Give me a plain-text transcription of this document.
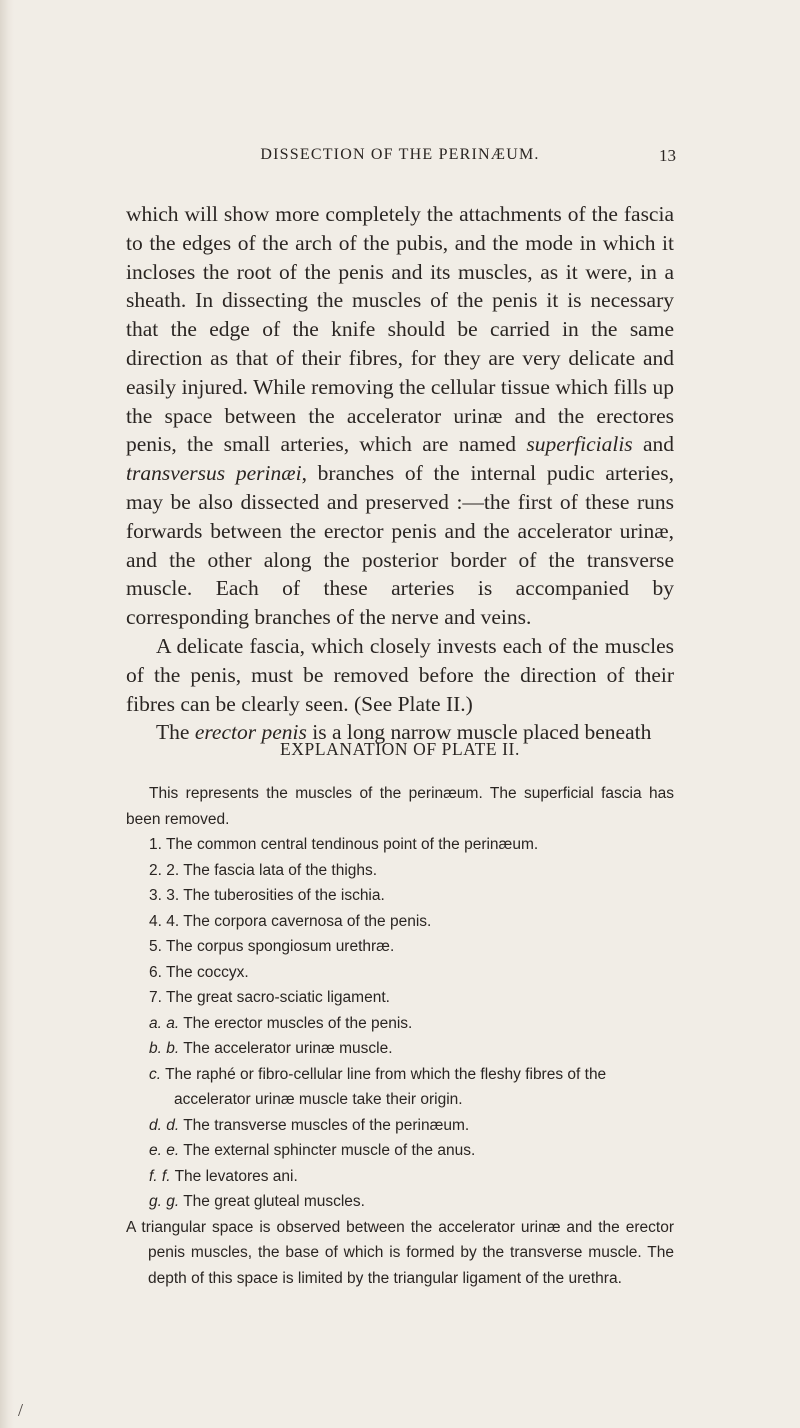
DISSECTION OF THE PERINÆUM.	13

which will show more completely the attachments of the fascia to the edges of the arch of the pubis, and the mode in which it incloses the root of the penis and its muscles, as it were, in a sheath. In dissecting the muscles of the penis it is necessary that the edge of the knife should be carried in the same direction as that of their fibres, for they are very delicate and easily injured. While removing the cellular tissue which fills up the space between the accelerator urinæ and the erectores penis, the small arteries, which are named superficialis and transversus perinæi, branches of the internal pudic arteries, may be also dissected and preserved :—the first of these runs forwards between the erector penis and the accelerator urinæ, and the other along the posterior border of the transverse muscle. Each of these arteries is accompanied by corresponding branches of the nerve and veins.

A delicate fascia, which closely invests each of the muscles of the penis, must be removed before the direction of their fibres can be clearly seen. (See Plate II.)

The erector penis is a long narrow muscle placed beneath

EXPLANATION OF PLATE II.

This represents the muscles of the perinæum. The superficial fascia has been removed.

1. The common central tendinous point of the perinæum.
2. 2. The fascia lata of the thighs.
3. 3. The tuberosities of the ischia.
4. 4. The corpora cavernosa of the penis.
5. The corpus spongiosum urethræ.
6. The coccyx.
7. The great sacro-sciatic ligament.
a. a. The erector muscles of the penis.
b. b. The accelerator urinæ muscle.
c. The raphé or fibro-cellular line from which the fleshy fibres of the accelerator urinæ muscle take their origin.
d. d. The transverse muscles of the perinæum.
e. e. The external sphincter muscle of the anus.
f. f. The levatores ani.
g. g. The great gluteal muscles.

A triangular space is observed between the accelerator urinæ and the erector penis muscles, the base of which is formed by the transverse muscle. The depth of this space is limited by the triangular ligament of the urethra.

/
